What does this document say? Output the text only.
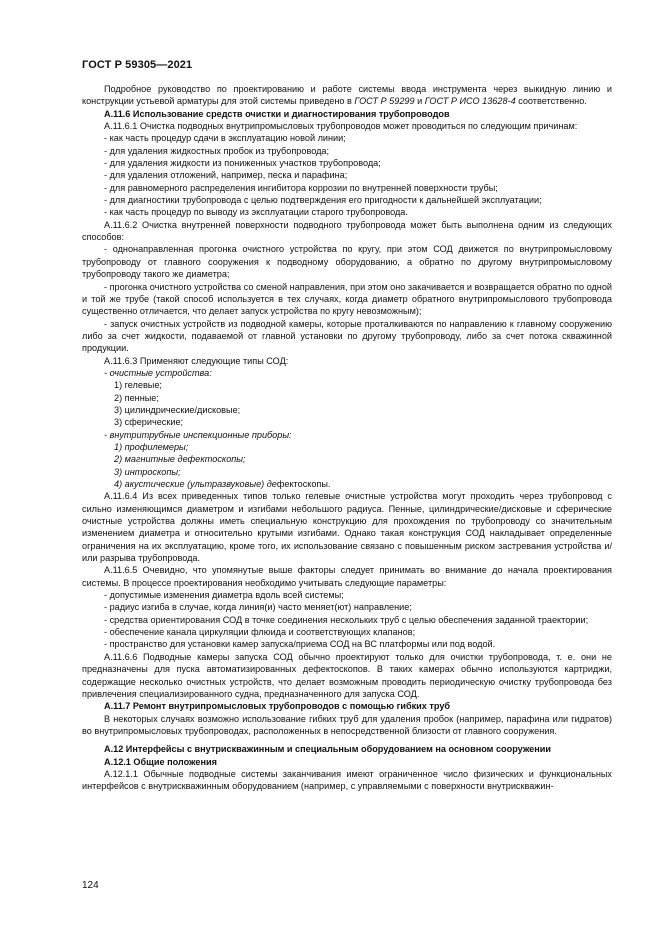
ГОСТ Р 59305—2021

Подробное руководство по проектированию и работе системы ввода инструмента через выкидную линию и конструкции устьевой арматуры для этой системы приведено в ГОСТ Р 59299 и ГОСТ Р ИСО 13628-4 соответственно.

А.11.6 Использование средств очистки и диагностирования трубопроводов

А.11.6.1 Очистка подводных внутрипромысловых трубопроводов может проводиться по следующим причинам:

- как часть процедур сдачи в эксплуатацию новой линии;

- для удаления жидкостных пробок из трубопровода;

- для удаления жидкости из пониженных участков трубопровода;

- для удаления отложений, например, песка и парафина;

- для равномерного распределения ингибитора коррозии по внутренней поверхности трубы;

- для диагностики трубопровода с целью подтверждения его пригодности к дальнейшей эксплуатации;

- как часть процедур по выводу из эксплуатации старого трубопровода.

А.11.6.2 Очистка внутренней поверхности подводного трубопровода может быть выполнена одним из следующих способов:

- однонаправленная прогонка очистного устройства по кругу, при этом СОД движется по внутрипромысловому трубопроводу от главного сооружения к подводному оборудованию, а обратно по другому внутрипромысловому трубопроводу такого же диаметра;

- прогонка очистного устройства со сменой направления, при этом оно закачивается и возвращается обратно по одной и той же трубе (такой способ используется в тех случаях, когда диаметр обратного внутрипромыслового трубопровода существенно отличается, что делает запуск устройства по кругу невозможным);

- запуск очистных устройств из подводной камеры, которые проталкиваются по направлению к главному сооружению либо за счет жидкости, подаваемой от главной установки по другому трубопроводу, либо за счет потока скважинной продукции.

А.11.6.3 Применяют следующие типы СОД:

- очистные устройства:

1) гелевые;

2) пенные;

3) цилиндрические/дисковые;

3) сферические;

- внутритрубные инспекционные приборы:

1) профилемеры;

2) магнитные дефектоскопы;

3) интроскопы;

4) акустические (ультразвуковые) дефектоскопы.

А.11.6.4 Из всех приведенных типов только гелевые очистные устройства могут проходить через трубопровод с сильно изменяющимся диаметром и изгибами небольшого радиуса. Пенные, цилиндрические/дисковые и сферические очистные устройства должны иметь специальную конструкцию для прохождения по трубопроводу со значительным изменением диаметра и относительно крутыми изгибами. Однако такая конструкция СОД накладывает определенные ограничения на их эксплуатацию, кроме того, их использование связано с повышенным риском застревания устройства и/или разрыва трубопровода.

А.11.6.5 Очевидно, что упомянутые выше факторы следует принимать во внимание до начала проектирования системы. В процессе проектирования необходимо учитывать следующие параметры:

- допустимые изменения диаметра вдоль всей системы;

- радиус изгиба в случае, когда линия(и) часто меняет(ют) направление;

- средства ориентирования СОД в точке соединения нескольких труб с целью обеспечения заданной траектории;

- обеспечение канала циркуляции флюида и соответствующих клапанов;

- пространство для установки камер запуска/приема СОД на ВС платформы или под водой.

А.11.6.6 Подводные камеры запуска СОД обычно проектируют только для очистки трубопровода, т. е. они не предназначены для пуска автоматизированных дефектоскопов. В таких камерах обычно используются картриджи, содержащие несколько очистных устройств, что делает возможным проводить периодическую очистку трубопровода без привлечения специализированного судна, предназначенного для запуска СОД.

А.11.7 Ремонт внутрипромысловых трубопроводов с помощью гибких труб

В некоторых случаях возможно использование гибких труб для удаления пробок (например, парафина или гидратов) во внутрипромысловых трубопроводах, расположенных в непосредственной близости от главного сооружения.

А.12 Интерфейсы с внутрискважинным и специальным оборудованием на основном сооружении

А.12.1 Общие положения

А.12.1.1 Обычные подводные системы заканчивания имеют ограниченное число физических и функциональных интерфейсов с внутрискважинным оборудованием (например, с управляемыми с поверхности внутрискважин-

124
